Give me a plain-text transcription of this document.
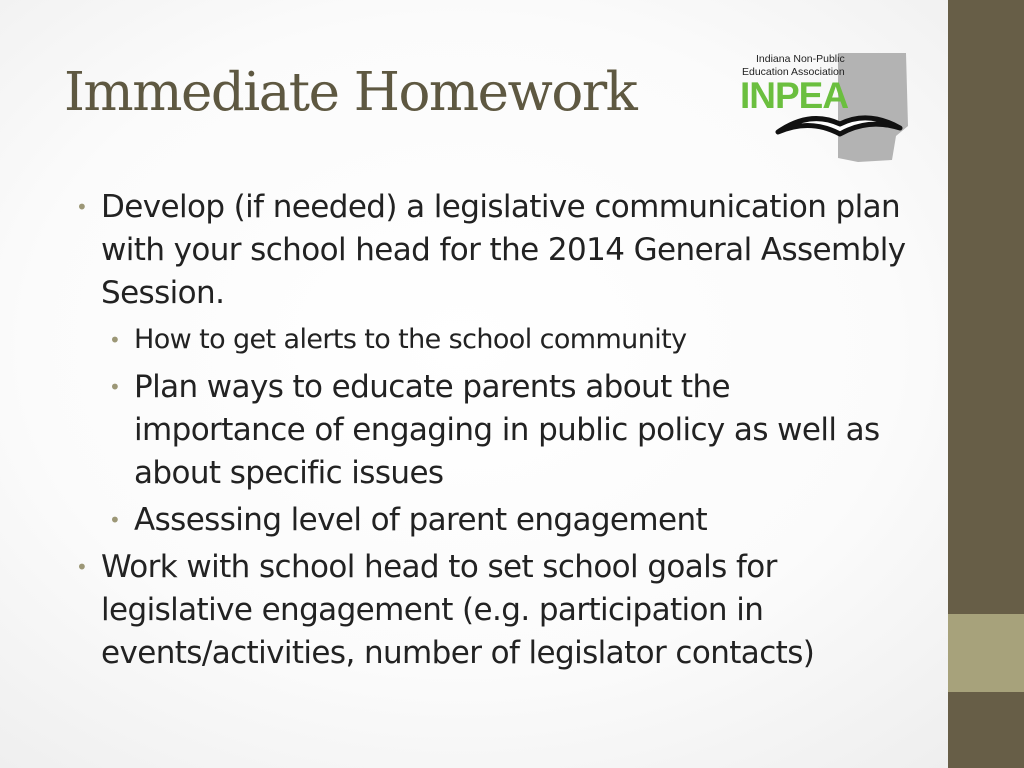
Immediate Homework
Indiana Non-Public
Education Association
INPEA
• Develop (if needed) a legislative communication plan with your school head for the 2014 General Assembly Session.
• How to get alerts to the school community
• Plan ways to educate parents about the importance of engaging in public policy as well as about specific issues
• Assessing level of parent engagement
• Work with school head to set school goals for legislative engagement (e.g. participation in events/activities, number of legislator contacts)
